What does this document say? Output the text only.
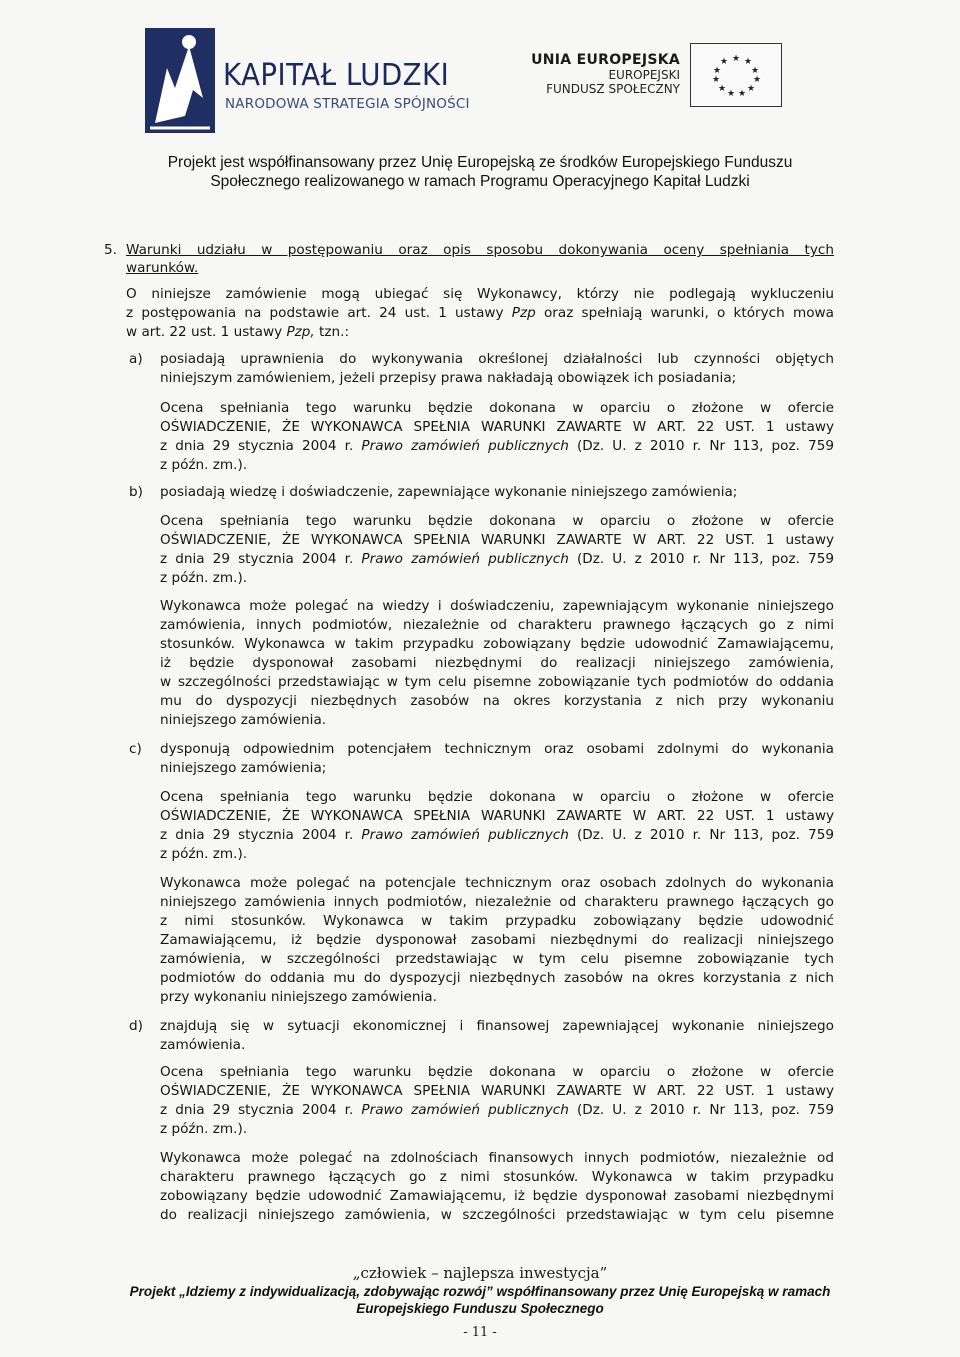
KAPITAŁ LUDZKI
NARODOWA STRATEGIA SPÓJNOŚCI
UNIA EUROPEJSKA
EUROPEJSKI
FUNDUSZ SPOŁECZNY
★ ★
★
★
★
★
★
★
★
★
★
Projekt jest współfinansowany przez Unię Europejską ze środków Europejskiego Funduszu
Społecznego realizowanego w ramach Programu Operacyjnego Kapitał Ludzki
5. Warunki udziału w postępowaniu oraz opis sposobu dokonywania oceny spełniania tych
warunków.
O niniejsze zamówienie mogą ubiegać się Wykonawcy, którzy nie podlegają wykluczeniu
z postępowania na podstawie art. 24 ust. 1 ustawy Pzp oraz spełniają warunki, o których mowa
w art. 22 ust. 1 ustawy Pzp, tzn.:
a) posiadają uprawnienia do wykonywania określonej działalności lub czynności objętych
niniejszym zamówieniem, jeżeli przepisy prawa nakładają obowiązek ich posiadania;
Ocena spełniania tego warunku będzie dokonana w oparciu o złożone w ofercie
OŚWIADCZENIE, ŻE WYKONAWCA SPEŁNIA WARUNKI ZAWARTE W ART. 22 UST. 1 ustawy
z dnia 29 stycznia 2004 r. Prawo zamówień publicznych (Dz. U. z 2010 r. Nr 113, poz. 759
z późn. zm.).
b) posiadają wiedzę i doświadczenie, zapewniające wykonanie niniejszego zamówienia;
Ocena spełniania tego warunku będzie dokonana w oparciu o złożone w ofercie
OŚWIADCZENIE, ŻE WYKONAWCA SPEŁNIA WARUNKI ZAWARTE W ART. 22 UST. 1 ustawy
z dnia 29 stycznia 2004 r. Prawo zamówień publicznych (Dz. U. z 2010 r. Nr 113, poz. 759
z późn. zm.).
Wykonawca może polegać na wiedzy i doświadczeniu, zapewniającym wykonanie niniejszego
zamówienia, innych podmiotów, niezależnie od charakteru prawnego łączących go z nimi
stosunków. Wykonawca w takim przypadku zobowiązany będzie udowodnić Zamawiającemu,
iż będzie dysponował zasobami niezbędnymi do realizacji niniejszego zamówienia,
w szczególności przedstawiając w tym celu pisemne zobowiązanie tych podmiotów do oddania
mu do dyspozycji niezbędnych zasobów na okres korzystania z nich przy wykonaniu
niniejszego zamówienia.
c) dysponują odpowiednim potencjałem technicznym oraz osobami zdolnymi do wykonania
niniejszego zamówienia;
Ocena spełniania tego warunku będzie dokonana w oparciu o złożone w ofercie
OŚWIADCZENIE, ŻE WYKONAWCA SPEŁNIA WARUNKI ZAWARTE W ART. 22 UST. 1 ustawy
z dnia 29 stycznia 2004 r. Prawo zamówień publicznych (Dz. U. z 2010 r. Nr 113, poz. 759
z późn. zm.).
Wykonawca może polegać na potencjale technicznym oraz osobach zdolnych do wykonania
niniejszego zamówienia innych podmiotów, niezależnie od charakteru prawnego łączących go
z nimi stosunków. Wykonawca w takim przypadku zobowiązany będzie udowodnić
Zamawiającemu, iż będzie dysponował zasobami niezbędnymi do realizacji niniejszego
zamówienia, w szczególności przedstawiając w tym celu pisemne zobowiązanie tych
podmiotów do oddania mu do dyspozycji niezbędnych zasobów na okres korzystania z nich
przy wykonaniu niniejszego zamówienia.
d) znajdują się w sytuacji ekonomicznej i finansowej zapewniającej wykonanie niniejszego
zamówienia.
Ocena spełniania tego warunku będzie dokonana w oparciu o złożone w ofercie
OŚWIADCZENIE, ŻE WYKONAWCA SPEŁNIA WARUNKI ZAWARTE W ART. 22 UST. 1 ustawy
z dnia 29 stycznia 2004 r. Prawo zamówień publicznych (Dz. U. z 2010 r. Nr 113, poz. 759
z późn. zm.).
Wykonawca może polegać na zdolnościach finansowych innych podmiotów, niezależnie od
charakteru prawnego łączących go z nimi stosunków. Wykonawca w takim przypadku
zobowiązany będzie udowodnić Zamawiającemu, iż będzie dysponował zasobami niezbędnymi
do realizacji niniejszego zamówienia, w szczególności przedstawiając w tym celu pisemne
„człowiek – najlepsza inwestycja”
Projekt „Idziemy z indywidualizacją, zdobywając rozwój” współfinansowany przez Unię Europejską w ramach
Europejskiego Funduszu Społecznego
- 11 -
